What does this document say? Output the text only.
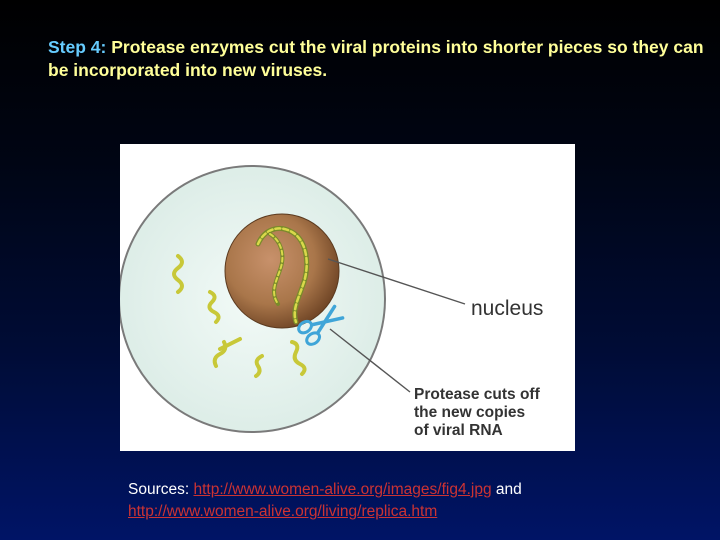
Step 4: Protease enzymes cut the viral proteins into shorter pieces so they can be incorporated into new viruses.
nucleus
Protease cuts off
the new copies
of viral RNA
Sources: http://www.women-alive.org/images/fig4.jpg and
http://www.women-alive.org/living/replica.htm
